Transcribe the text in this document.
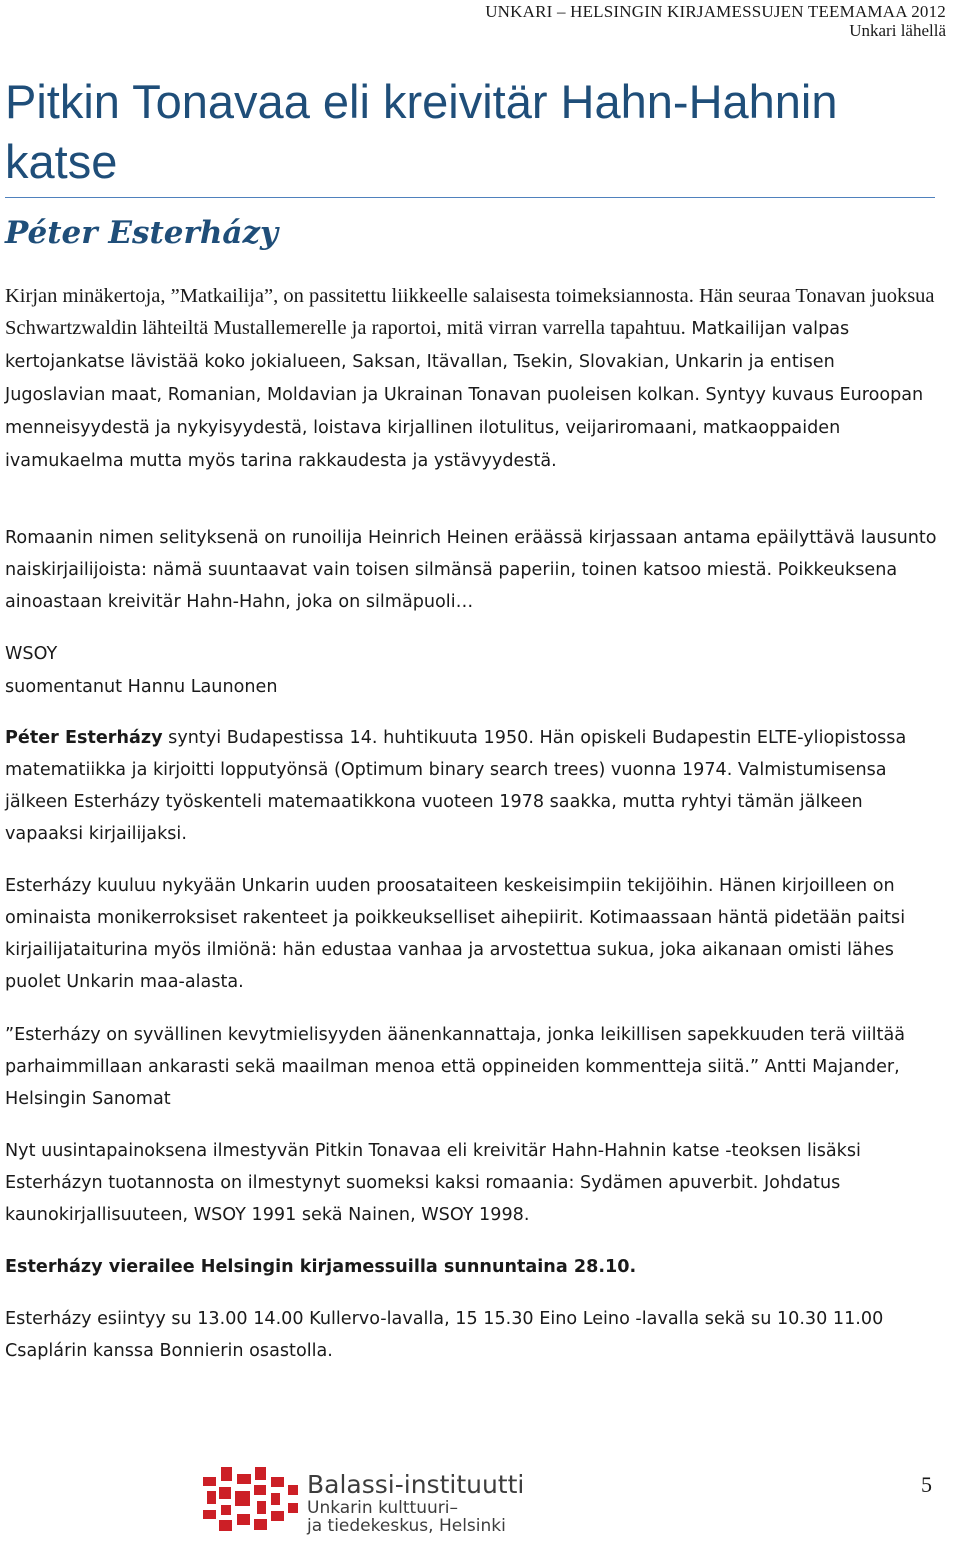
UNKARI – HELSINGIN KIRJAMESSUJEN TEEMAMAA 2012
Unkari lähellä
Pitkin Tonavaa eli kreivitär Hahn-Hahnin katse
Péter Esterházy

Kirjan minäkertoja, ”Matkailija”, on passitettu liikkeelle salaisesta toimeksiannosta. Hän seuraa Tonavan juoksua Schwartzwaldin lähteiltä Mustallemerelle ja raportoi, mitä virran varrella tapahtuu. Matkailijan valpas kertojankatse lävistää koko jokialueen, Saksan, Itävallan, Tsekin, Slovakian, Unkarin ja entisen Jugoslavian maat, Romanian, Moldavian ja Ukrainan Tonavan puoleisen kolkan. Syntyy kuvaus Euroopan menneisyydestä ja nykyisyydestä, loistava kirjallinen ilotulitus, veijariromaani, matkaoppaiden ivamukaelma mutta myös tarina rakkaudesta ja ystävyydestä.

Romaanin nimen selityksenä on runoilija Heinrich Heinen eräässä kirjassaan antama epäilyttävä lausunto naiskirjailijoista: nämä suuntaavat vain toisen silmänsä paperiin, toinen katsoo miestä. Poikkeuksena ainoastaan kreivitär Hahn-Hahn, joka on silmäpuoli…

WSOY

suomentanut Hannu Launonen

Péter Esterházy syntyi Budapestissa 14. huhtikuuta 1950. Hän opiskeli Budapestin ELTE-yliopistossa matematiikka ja kirjoitti lopputyönsä (Optimum binary search trees) vuonna 1974. Valmistumisensa jälkeen Esterházy työskenteli matemaatikkona vuoteen 1978 saakka, mutta ryhtyi tämän jälkeen vapaaksi kirjailijaksi.

Esterházy kuuluu nykyään Unkarin uuden proosataiteen keskeisimpiin tekijöihin. Hänen kirjoilleen on ominaista monikerroksiset rakenteet ja poikkeukselliset aihepiirit. Kotimaassaan häntä pidetään paitsi kirjailijataiturina myös ilmiönä: hän edustaa vanhaa ja arvostettua sukua, joka aikanaan omisti lähes puolet Unkarin maa-alasta.

”Esterházy on syvällinen kevytmielisyyden äänenkannattaja, jonka leikillisen sapekkuuden terä viiltää parhaimmillaan ankarasti sekä maailman menoa että oppineiden kommentteja siitä.” Antti Majander, Helsingin Sanomat

Nyt uusintapainoksena ilmestyvän Pitkin Tonavaa eli kreivitär Hahn-Hahnin katse -teoksen lisäksi Esterházyn tuotannosta on ilmestynyt suomeksi kaksi romaania: Sydämen apuverbit. Johdatus kaunokirjallisuuteen, WSOY 1991 sekä Nainen, WSOY 1998.

Esterházy vierailee Helsingin kirjamessuilla sunnuntaina 28.10.

Esterházy esiintyy su 13.00 14.00 Kullervo-lavalla, 15 15.30 Eino Leino -lavalla sekä su 10.30 11.00 Csaplárin kanssa Bonnierin osastolla.

Balassi-instituutti
Unkarin kulttuuri–
ja tiedekeskus, Helsinki
5
